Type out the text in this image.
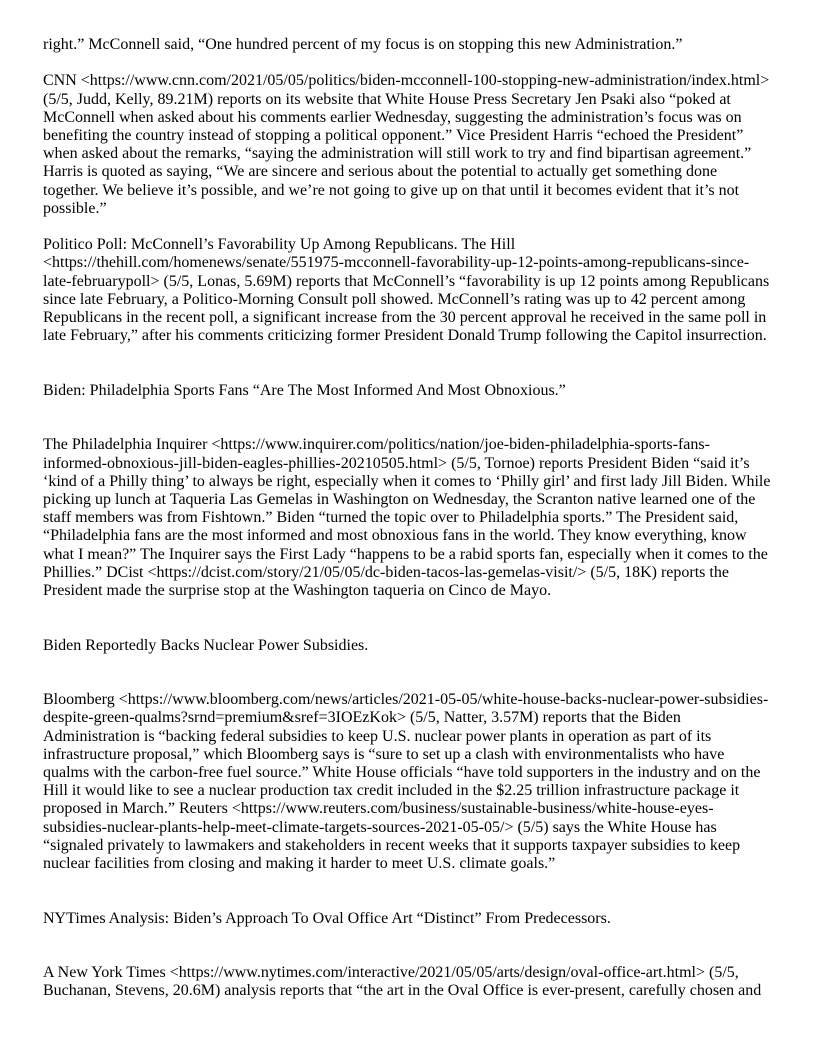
right.” McConnell said, “One hundred percent of my focus is on stopping this new Administration.”

CNN <https://www.cnn.com/2021/05/05/politics/biden-mcconnell-100-stopping-new-administration/index.html> (5/5, Judd, Kelly, 89.21M) reports on its website that White House Press Secretary Jen Psaki also “poked at McConnell when asked about his comments earlier Wednesday, suggesting the administration’s focus was on benefiting the country instead of stopping a political opponent.” Vice President Harris “echoed the President” when asked about the remarks, “saying the administration will still work to try and find bipartisan agreement.” Harris is quoted as saying, “We are sincere and serious about the potential to actually get something done together. We believe it’s possible, and we’re not going to give up on that until it becomes evident that it’s not possible.”

Politico Poll: McConnell’s Favorability Up Among Republicans. The Hill <https://thehill.com/homenews/senate/551975-mcconnell-favorability-up-12-points-among-republicans-since-late-februarypoll> (5/5, Lonas, 5.69M) reports that McConnell’s “favorability is up 12 points among Republicans since late February, a Politico-Morning Consult poll showed. McConnell’s rating was up to 42 percent among Republicans in the recent poll, a significant increase from the 30 percent approval he received in the same poll in late February,” after his comments criticizing former President Donald Trump following the Capitol insurrection.

Biden: Philadelphia Sports Fans “Are The Most Informed And Most Obnoxious.”

The Philadelphia Inquirer <https://www.inquirer.com/politics/nation/joe-biden-philadelphia-sports-fans-informed-obnoxious-jill-biden-eagles-phillies-20210505.html> (5/5, Tornoe) reports President Biden “said it’s ‘kind of a Philly thing’ to always be right, especially when it comes to ‘Philly girl’ and first lady Jill Biden. While picking up lunch at Taqueria Las Gemelas in Washington on Wednesday, the Scranton native learned one of the staff members was from Fishtown.” Biden “turned the topic over to Philadelphia sports.” The President said, “Philadelphia fans are the most informed and most obnoxious fans in the world. They know everything, know what I mean?” The Inquirer says the First Lady “happens to be a rabid sports fan, especially when it comes to the Phillies.” DCist <https://dcist.com/story/21/05/05/dc-biden-tacos-las-gemelas-visit/> (5/5, 18K) reports the President made the surprise stop at the Washington taqueria on Cinco de Mayo.

Biden Reportedly Backs Nuclear Power Subsidies.

Bloomberg <https://www.bloomberg.com/news/articles/2021-05-05/white-house-backs-nuclear-power-subsidies-despite-green-qualms?srnd=premium&sref=3IOEzKok> (5/5, Natter, 3.57M) reports that the Biden Administration is “backing federal subsidies to keep U.S. nuclear power plants in operation as part of its infrastructure proposal,” which Bloomberg says is “sure to set up a clash with environmentalists who have qualms with the carbon-free fuel source.” White House officials “have told supporters in the industry and on the Hill it would like to see a nuclear production tax credit included in the $2.25 trillion infrastructure package it proposed in March.” Reuters <https://www.reuters.com/business/sustainable-business/white-house-eyes-subsidies-nuclear-plants-help-meet-climate-targets-sources-2021-05-05/> (5/5) says the White House has “signaled privately to lawmakers and stakeholders in recent weeks that it supports taxpayer subsidies to keep nuclear facilities from closing and making it harder to meet U.S. climate goals.”

NYTimes Analysis: Biden’s Approach To Oval Office Art “Distinct” From Predecessors.

A New York Times <https://www.nytimes.com/interactive/2021/05/05/arts/design/oval-office-art.html> (5/5, Buchanan, Stevens, 20.6M) analysis reports that “the art in the Oval Office is ever-present, carefully chosen and
